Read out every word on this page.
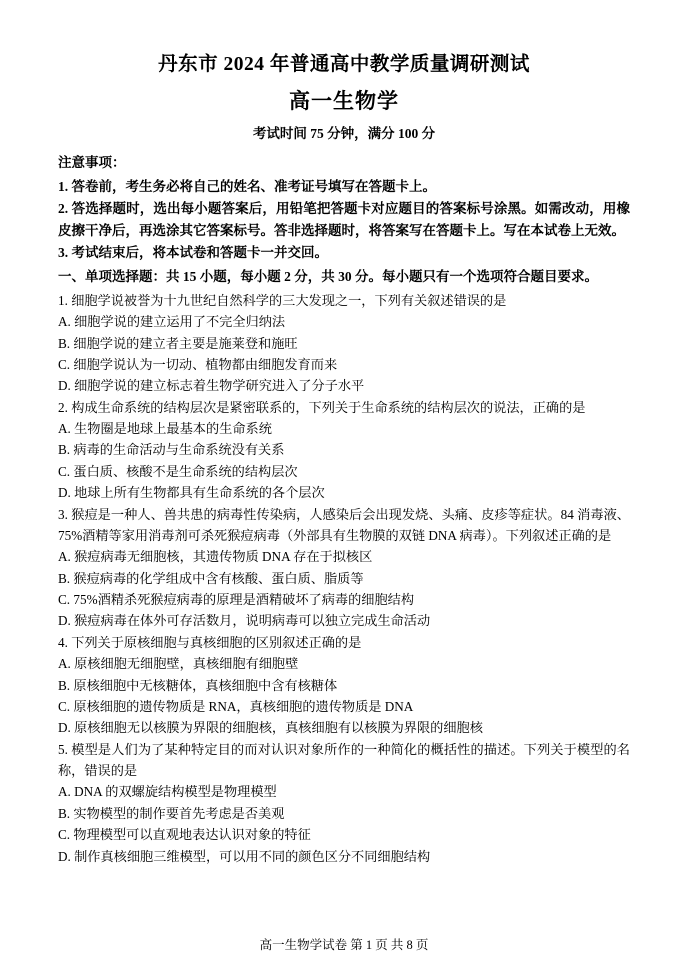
丹东市 2024 年普通高中教学质量调研测试
高一生物学
考试时间 75 分钟，满分 100 分
注意事项：

1. 答卷前，考生务必将自己的姓名、准考证号填写在答题卡上。

2. 答选择题时，选出每小题答案后，用铅笔把答题卡对应题目的答案标号涂黑。如需改动，用橡皮擦干净后，再选涂其它答案标号。答非选择题时，将答案写在答题卡上。写在本试卷上无效。

3. 考试结束后，将本试卷和答题卡一并交回。

一、单项选择题：共 15 小题，每小题 2 分，共 30 分。每小题只有一个选项符合题目要求。

1. 细胞学说被誉为十九世纪自然科学的三大发现之一，下列有关叙述错误的是

A. 细胞学说的建立运用了不完全归纳法

B. 细胞学说的建立者主要是施莱登和施旺

C. 细胞学说认为一切动、植物都由细胞发育而来

D. 细胞学说的建立标志着生物学研究进入了分子水平

2. 构成生命系统的结构层次是紧密联系的，下列关于生命系统的结构层次的说法，正确的是

A. 生物圈是地球上最基本的生命系统

B. 病毒的生命活动与生命系统没有关系

C. 蛋白质、核酸不是生命系统的结构层次

D. 地球上所有生物都具有生命系统的各个层次

3. 猴痘是一种人、兽共患的病毒性传染病，人感染后会出现发烧、头痛、皮疹等症状。84 消毒液、75%酒精等家用消毒剂可杀死猴痘病毒（外部具有生物膜的双链 DNA 病毒）。下列叙述正确的是

A. 猴痘病毒无细胞核，其遗传物质 DNA 存在于拟核区

B. 猴痘病毒的化学组成中含有核酸、蛋白质、脂质等

C. 75%酒精杀死猴痘病毒的原理是酒精破坏了病毒的细胞结构

D. 猴痘病毒在体外可存活数月，说明病毒可以独立完成生命活动

4. 下列关于原核细胞与真核细胞的区别叙述正确的是

A. 原核细胞无细胞壁，真核细胞有细胞壁

B. 原核细胞中无核糖体，真核细胞中含有核糖体

C. 原核细胞的遗传物质是 RNA，真核细胞的遗传物质是 DNA

D. 原核细胞无以核膜为界限的细胞核，真核细胞有以核膜为界限的细胞核

5. 模型是人们为了某种特定目的而对认识对象所作的一种简化的概括性的描述。下列关于模型的名称，错误的是

A. DNA 的双螺旋结构模型是物理模型

B. 实物模型的制作要首先考虑是否美观

C. 物理模型可以直观地表达认识对象的特征

D. 制作真核细胞三维模型，可以用不同的颜色区分不同细胞结构

高一生物学试卷 第 1 页 共 8 页
